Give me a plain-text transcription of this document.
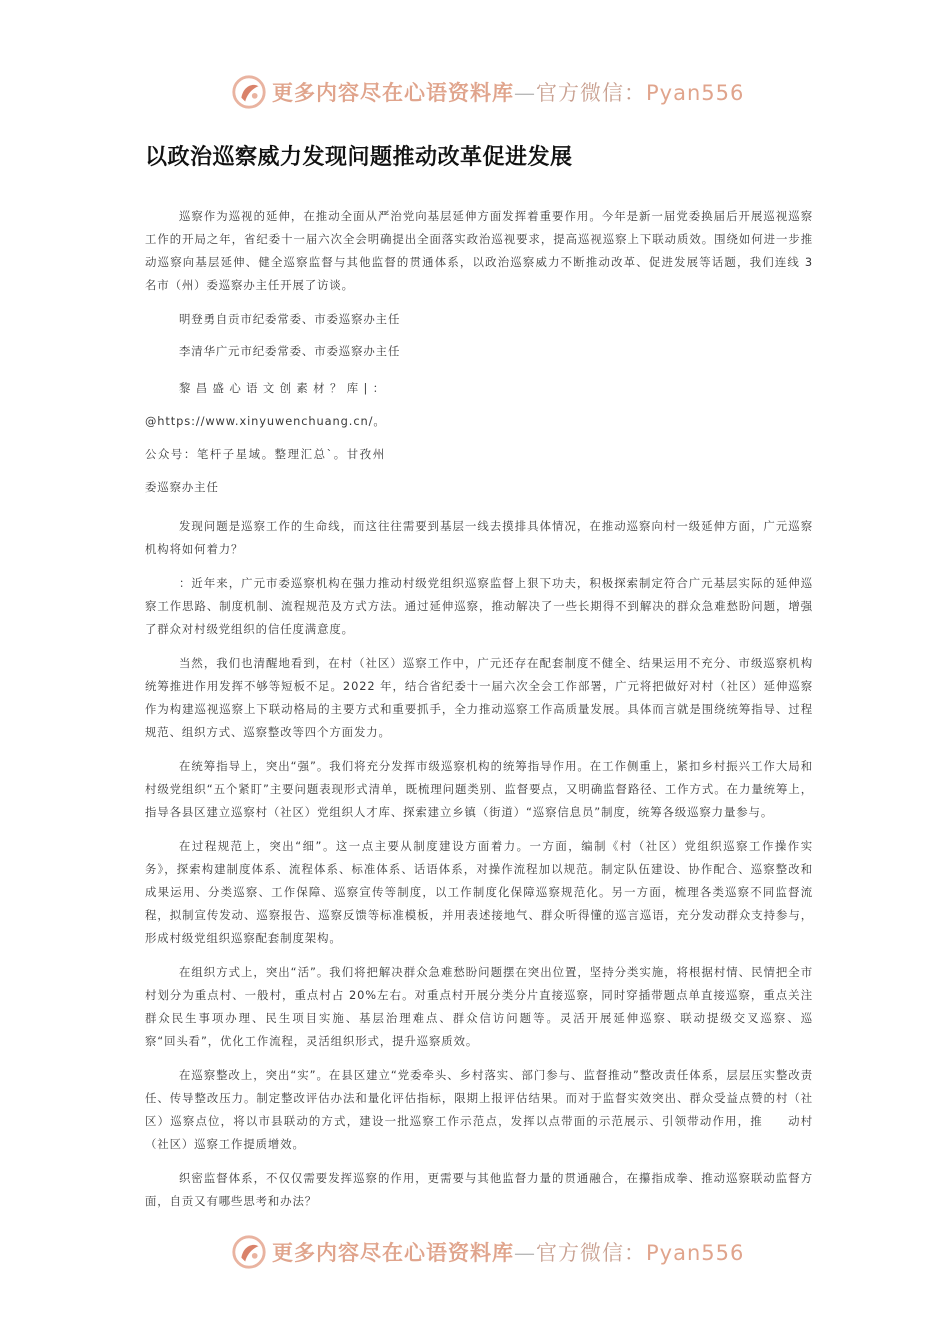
更多内容尽在心语资料库—官方微信：Pyan556
以政治巡察威力发现问题推动改革促进发展

巡察作为巡视的延伸，在推动全面从严治党向基层延伸方面发挥着重要作用。今年是新一届党委换届后开展巡视巡察工作的开局之年，省纪委十一届六次全会明确提出全面落实政治巡视要求，提高巡视巡察上下联动质效。围绕如何进一步推动巡察向基层延伸、健全巡察监督与其他监督的贯通体系，以政治巡察威力不断推动改革、促进发展等话题，我们连线 3 名市（州）委巡察办主任开展了访谈。

明登勇自贡市纪委常委、市委巡察办主任

李清华广元市纪委常委、市委巡察办主任

黎昌盛心语文创素材？库|：@https://www.xinyuwenchuang.cn/。公众号：笔杆子星域。整理汇总`。甘孜州委巡察办主任

发现问题是巡察工作的生命线，而这往往需要到基层一线去摸排具体情况，在推动巡察向村一级延伸方面，广元巡察机构将如何着力？

：近年来，广元市委巡察机构在强力推动村级党组织巡察监督上狠下功夫，积极探索制定符合广元基层实际的延伸巡察工作思路、制度机制、流程规范及方式方法。通过延伸巡察，推动解决了一些长期得不到解决的群众急难愁盼问题，增强了群众对村级党组织的信任度满意度。

当然，我们也清醒地看到，在村（社区）巡察工作中，广元还存在配套制度不健全、结果运用不充分、市级巡察机构统筹推进作用发挥不够等短板不足。2022 年，结合省纪委十一届六次全会工作部署，广元将把做好对村（社区）延伸巡察作为构建巡视巡察上下联动格局的主要方式和重要抓手，全力推动巡察工作高质量发展。具体而言就是围绕统筹指导、过程规范、组织方式、巡察整改等四个方面发力。

在统筹指导上，突出“强”。我们将充分发挥市级巡察机构的统筹指导作用。在工作侧重上，紧扣乡村振兴工作大局和村级党组织“五个紧盯”主要问题表现形式清单，既梳理问题类别、监督要点，又明确监督路径、工作方式。在力量统筹上，指导各县区建立巡察村（社区）党组织人才库、探索建立乡镇（街道）“巡察信息员”制度，统筹各级巡察力量参与。

在过程规范上，突出“细”。这一点主要从制度建设方面着力。一方面，编制《村（社区）党组织巡察工作操作实务》，探索构建制度体系、流程体系、标准体系、话语体系，对操作流程加以规范。制定队伍建设、协作配合、巡察整改和成果运用、分类巡察、工作保障、巡察宣传等制度，以工作制度化保障巡察规范化。另一方面，梳理各类巡察不同监督流程，拟制宣传发动、巡察报告、巡察反馈等标准模板，并用表述接地气、群众听得懂的巡言巡语，充分发动群众支持参与，形成村级党组织巡察配套制度架构。

在组织方式上，突出“活”。我们将把解决群众急难愁盼问题摆在突出位置，坚持分类实施，将根据村情、民情把全市村划分为重点村、一般村，重点村占 20%左右。对重点村开展分类分片直接巡察，同时穿插带题点单直接巡察，重点关注群众民生事项办理、民生项目实施、基层治理难点、群众信访问题等。灵活开展延伸巡察、联动提级交叉巡察、巡　　察“回头看”，优化工作流程，灵活组织形式，提升巡察质效。

在巡察整改上，突出“实”。在县区建立“党委牵头、乡村落实、部门参与、监督推动”整改责任体系，层层压实整改责任、传导整改压力。制定整改评估办法和量化评估指标，限期上报评估结果。而对于监督实效突出、群众受益点赞的村（社区）巡察点位，将以市县联动的方式，建设一批巡察工作示范点，发挥以点带面的示范展示、引领带动作用，推　　动村（社区）巡察工作提质增效。

织密监督体系，不仅仅需要发挥巡察的作用，更需要与其他监督力量的贯通融合，在攥指成拳、推动巡察联动监督方面，自贡又有哪些思考和办法？

更多内容尽在心语资料库—官方微信：Pyan556
